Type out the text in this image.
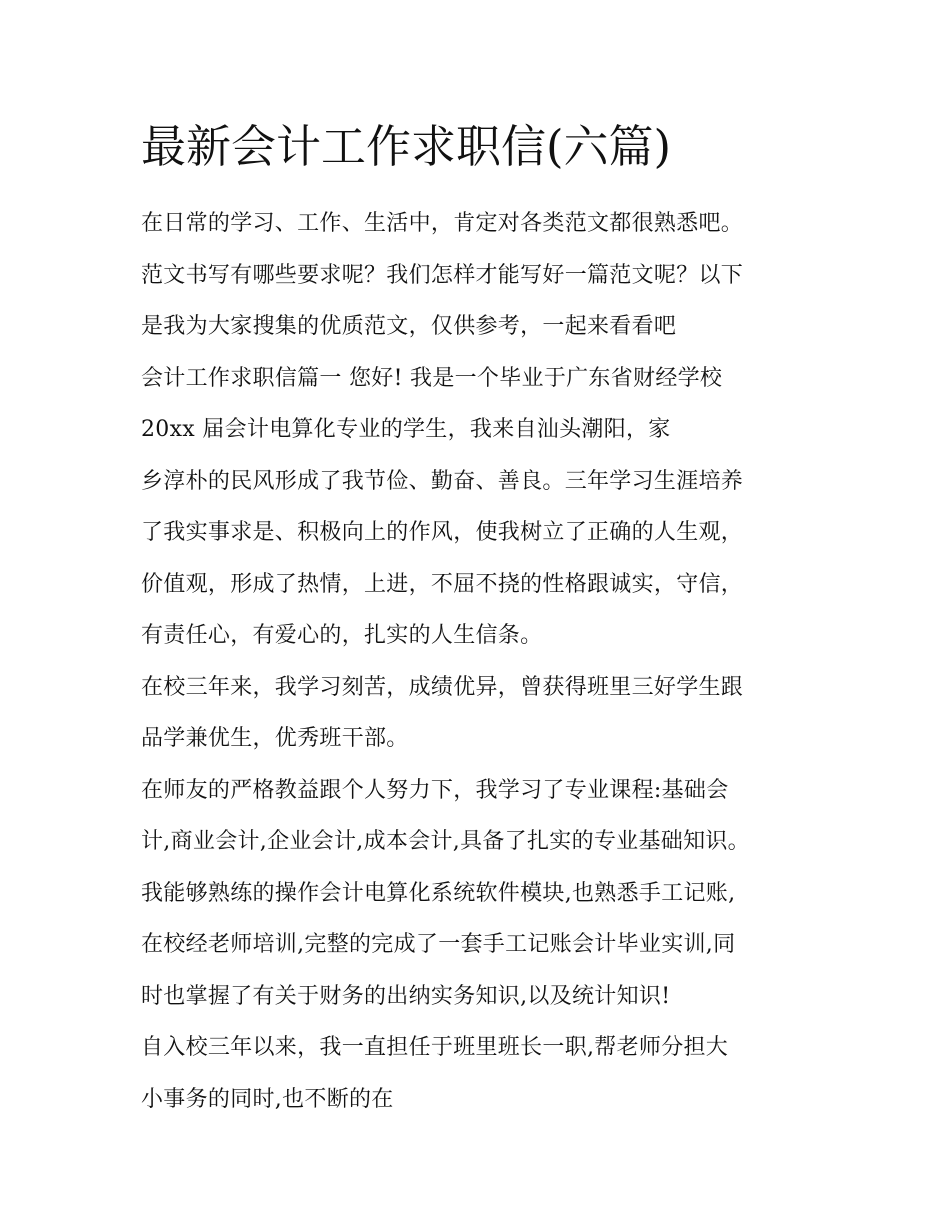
最新会计工作求职信(六篇)
在日常的学习、工作、生活中，肯定对各类范文都很熟悉吧。
范文书写有哪些要求呢？我们怎样才能写好一篇范文呢？以下
是我为大家搜集的优质范文，仅供参考，一起来看看吧
会计工作求职信篇一 您好! 我是一个毕业于广东省财经学校
20xx 届会计电算化专业的学生，我来自汕头潮阳，家
乡淳朴的民风形成了我节俭、勤奋、善良。三年学习生涯培养
了我实事求是、积极向上的作风，使我树立了正确的人生观，
价值观，形成了热情，上进，不屈不挠的性格跟诚实，守信，
有责任心，有爱心的，扎实的人生信条。
在校三年来，我学习刻苦，成绩优异，曾获得班里三好学生跟
品学兼优生，优秀班干部。
在师友的严格教益跟个人努力下，我学习了专业课程:基础会
计,商业会计,企业会计,成本会计,具备了扎实的专业基础知识。
我能够熟练的操作会计电算化系统软件模块,也熟悉手工记账,
在校经老师培训,完整的完成了一套手工记账会计毕业实训,同
时也掌握了有关于财务的出纳实务知识,以及统计知识!
自入校三年以来，我一直担任于班里班长一职,帮老师分担大
小事务的同时,也不断的在
